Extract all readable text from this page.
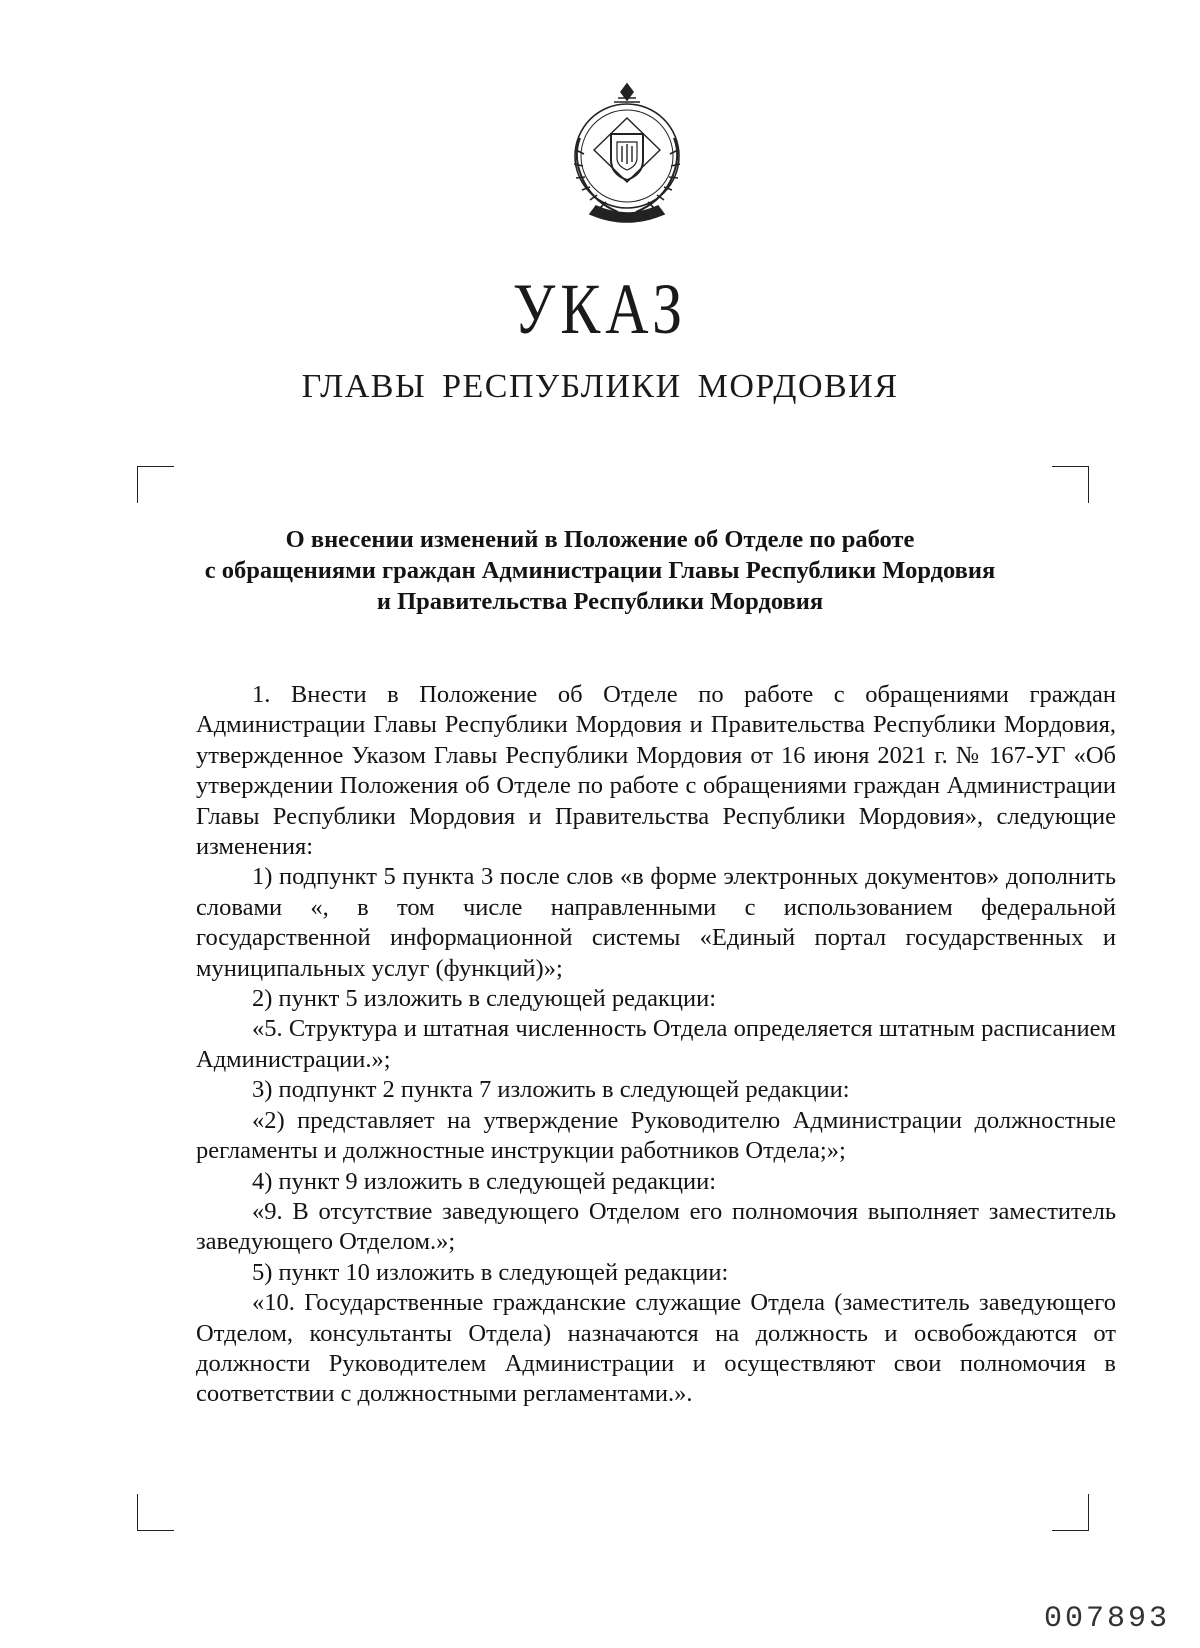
УКАЗ
ГЛАВЫ РЕСПУБЛИКИ МОРДОВИЯ
О внесении изменений в Положение об Отделе по работе
с обращениями граждан Администрации Главы Республики Мордовия
и Правительства Республики Мордовия

1. Внести в Положение об Отделе по работе с обращениями граждан Администрации Главы Республики Мордовия и Правительства Республики Мордовия, утвержденное Указом Главы Республики Мордовия от 16 июня 2021 г. № 167-УГ «Об утверждении Положения об Отделе по работе с обращениями граждан Администрации Главы Республики Мордовия и Правительства Республики Мордовия», следующие изменения:

1) подпункт 5 пункта 3 после слов «в форме электронных документов» дополнить словами «, в том числе направленными с использованием федеральной государственной информационной системы «Единый портал государственных и муниципальных услуг (функций)»;

2) пункт 5 изложить в следующей редакции:

«5. Структура и штатная численность Отдела определяется штатным расписанием Администрации.»;

3) подпункт 2 пункта 7 изложить в следующей редакции:

«2) представляет на утверждение Руководителю Администрации должностные регламенты и должностные инструкции работников Отдела;»;

4) пункт 9 изложить в следующей редакции:

«9. В отсутствие заведующего Отделом его полномочия выполняет заместитель заведующего Отделом.»;

5) пункт 10 изложить в следующей редакции:

«10. Государственные гражданские служащие Отдела (заместитель заведующего Отделом, консультанты Отдела) назначаются на должность и освобождаются от должности Руководителем Администрации и осуществляют свои полномочия в соответствии с должностными регламентами.».

007893
